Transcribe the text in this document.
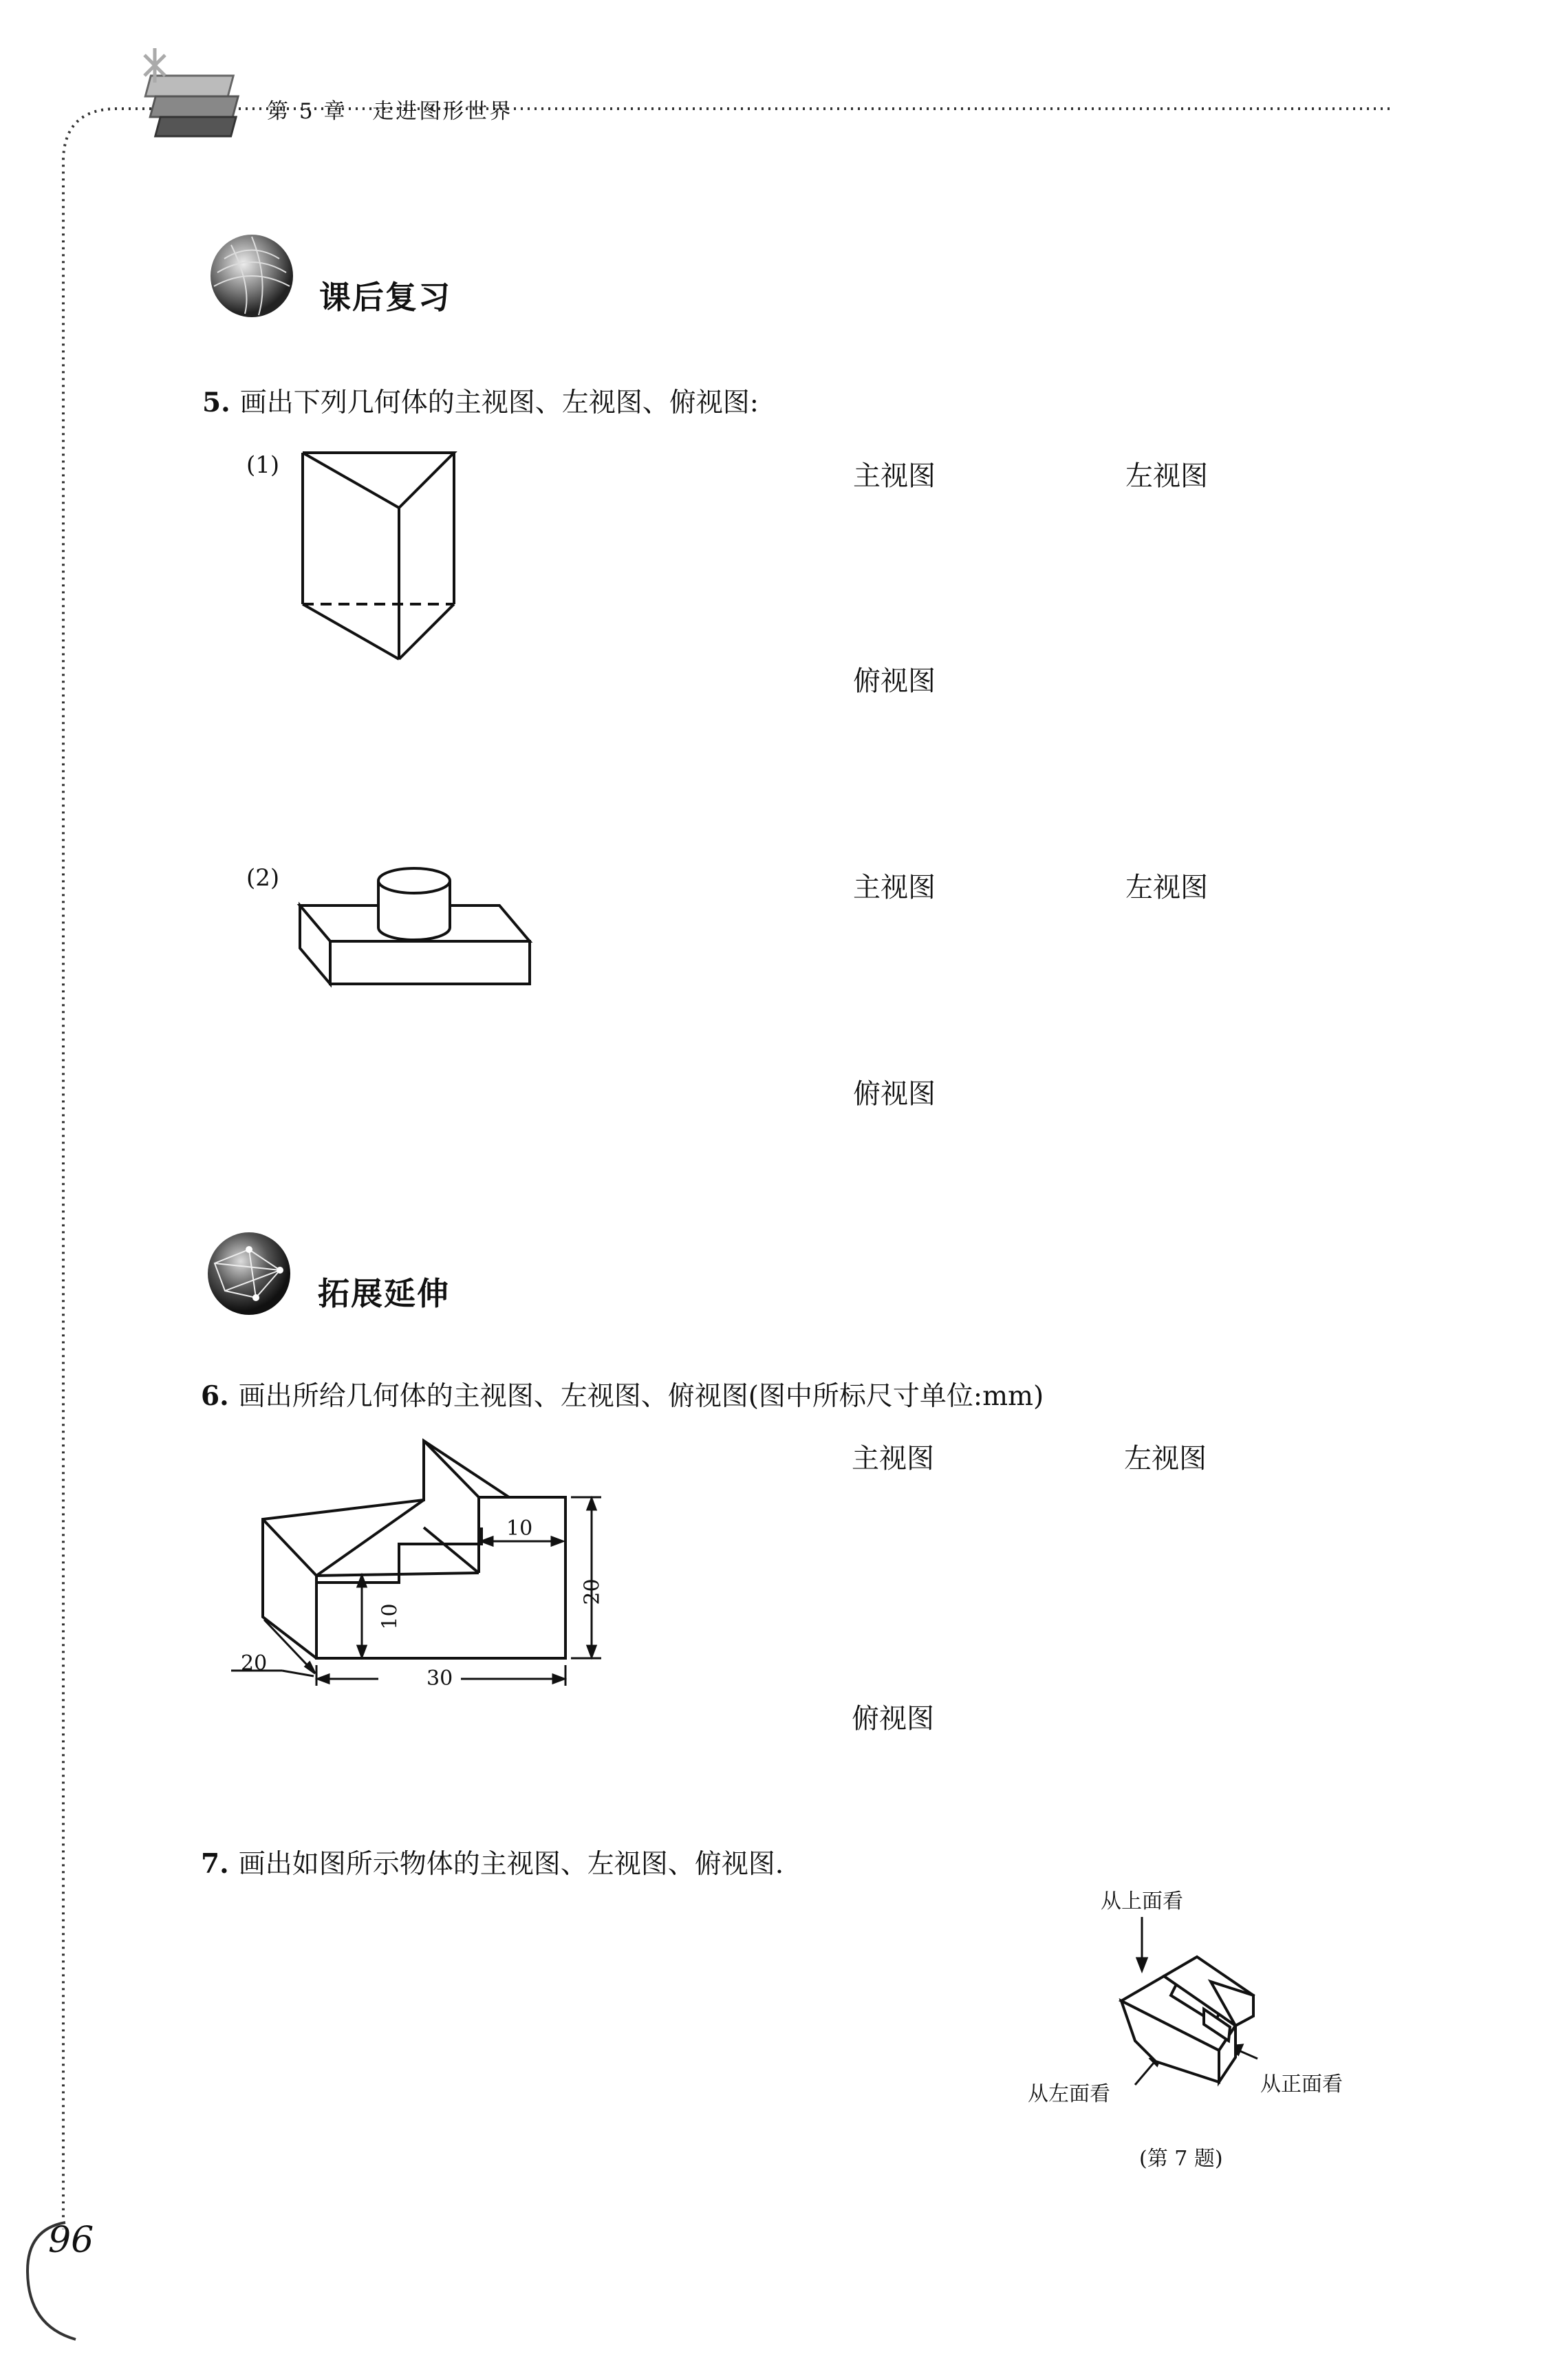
第 5 章 走进图形世界
课后复习
5. 画出下列几何体的主视图、左视图、俯视图:
(1)	主视图	左视图
俯视图
(2)	主视图	左视图
俯视图
拓展延伸
6. 画出所给几何体的主视图、左视图、俯视图(图中所标尺寸单位:mm)
主视图	左视图
俯视图
10
20
10
20
30
7. 画出如图所示物体的主视图、左视图、俯视图.
从上面看
从左面看	从正面看
(第 7 题)
96
